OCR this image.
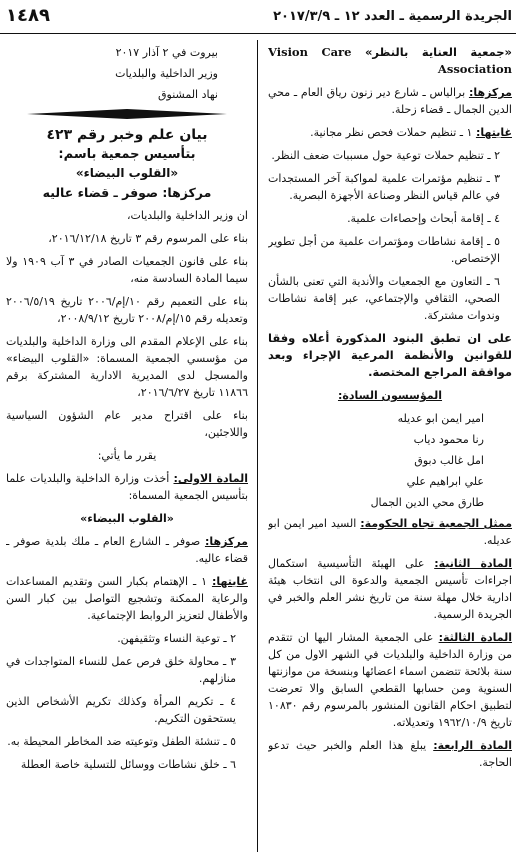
الجريدة الرسمية ـ العدد ١٢ ـ ٢٠١٧/٣/٩
١٤٨٩
«جمعية العناية بالنظر» Vision Care Association

مركزها: برالياس ـ شارع دير زنون رياق العام ـ محي الدين الجمال ـ قضاء زحلة.

غايتها: ١ ـ تنظيم حملات فحص نظر مجانية.

٢ ـ تنظيم حملات توعية حول مسببات ضعف النظر.

٣ ـ تنظيم مؤتمرات علمية لمواكبة آخر المستجدات في عالم قياس النظر وصناعة الأجهزة البصرية.

٤ ـ إقامة أبحاث وإحصاءات علمية.

٥ ـ إقامة نشاطات ومؤتمرات علمية من أجل تطوير الإختصاص.

٦ ـ التعاون مع الجمعيات والأندية التي تعنى بالشأن الصحي، الثقافي والإجتماعي، عبر إقامة نشاطات وندوات مشتركة.

على ان تطبق البنود المذكورة أعلاه وفقا للقوانين والأنظمة المرعية الإجراء وبعد موافقة المراجع المختصة.

المؤسسون السادة:

امير ايمن ابو عديله
رنا محمود دياب
امل غالب دبوق
علي ابراهيم علي
طارق محي الدين الجمال

ممثل الجمعية تجاه الحكومة: السيد امير ايمن ابو عديله.

المادة الثانية: على الهيئة التأسيسية استكمال اجراءات تأسيس الجمعية والدعوة الى انتخاب هيئة ادارية خلال مهلة سنة من تاريخ نشر العلم والخبر في الجريدة الرسمية.

المادة الثالثة: على الجمعية المشار اليها ان تتقدم من وزارة الداخلية والبلديات في الشهر الاول من كل سنة بلائحة تتضمن اسماء اعضائها وبنسخة من موازنتها السنوية ومن حسابها القطعي السابق والا تعرضت لتطبيق احكام القانون المنشور بالمرسوم رقم ١٠٨٣٠ تاريخ ١٩٦٢/١٠/٩ وتعديلاته.

المادة الرابعة: يبلغ هذا العلم والخبر حيث تدعو الحاجة.

بيروت في ٢ آذار ٢٠١٧

وزير الداخلية والبلديات

نهاد المشنوق

بيان علم وخبر رقم ٤٢٣
بتأسيس جمعية باسم:
«القلوب البيضاء»
مركزها: صوفر ـ قضاء عاليه

ان وزير الداخلية والبلديات،

بناء على المرسوم رقم ٣ تاريخ ٢٠١٦/١٢/١٨،

بناء على قانون الجمعيات الصادر في ٣ آب ١٩٠٩ ولا سيما المادة السادسة منه،

بناء على التعميم رقم ١٠/إم/٢٠٠٦ تاريخ ٢٠٠٦/٥/١٩ وتعديله رقم ١٥/إم/٢٠٠٨ تاريخ ٢٠٠٨/٩/١٢،

بناء على الإعلام المقدم الى وزارة الداخلية والبلديات من مؤسسي الجمعية المسماة: «القلوب البيضاء» والمسجل لدى المديرية الادارية المشتركة برقم ١١٨٦٦ تاريخ ٢٠١٦/٦/٢٧،

بناء على اقتراح مدير عام الشؤون السياسية واللاجئين،

يقرر ما يأتي:

المادة الاولى: أخذت وزارة الداخلية والبلديات علما بتأسيس الجمعية المسماة:

«القلوب البيضاء»

مركزها: صوفر ـ الشارع العام ـ ملك بلدية صوفر ـ قضاء عاليه.

غايتها: ١ ـ الإهتمام بكبار السن وتقديم المساعدات والرعاية الممكنة وتشجيع التواصل بين كبار السن والأطفال لتعزيز الروابط الإجتماعية.

٢ ـ توعية النساء وتثقيفهن.

٣ ـ محاولة خلق فرص عمل للنساء المتواجدات في منازلهم.

٤ ـ تكريم المرأة وكذلك تكريم الأشخاص الذين يستحقون التكريم.

٥ ـ تنشئة الطفل وتوعيته ضد المخاطر المحيطة به.

٦ ـ خلق نشاطات ووسائل للتسلية خاصة العطلة
